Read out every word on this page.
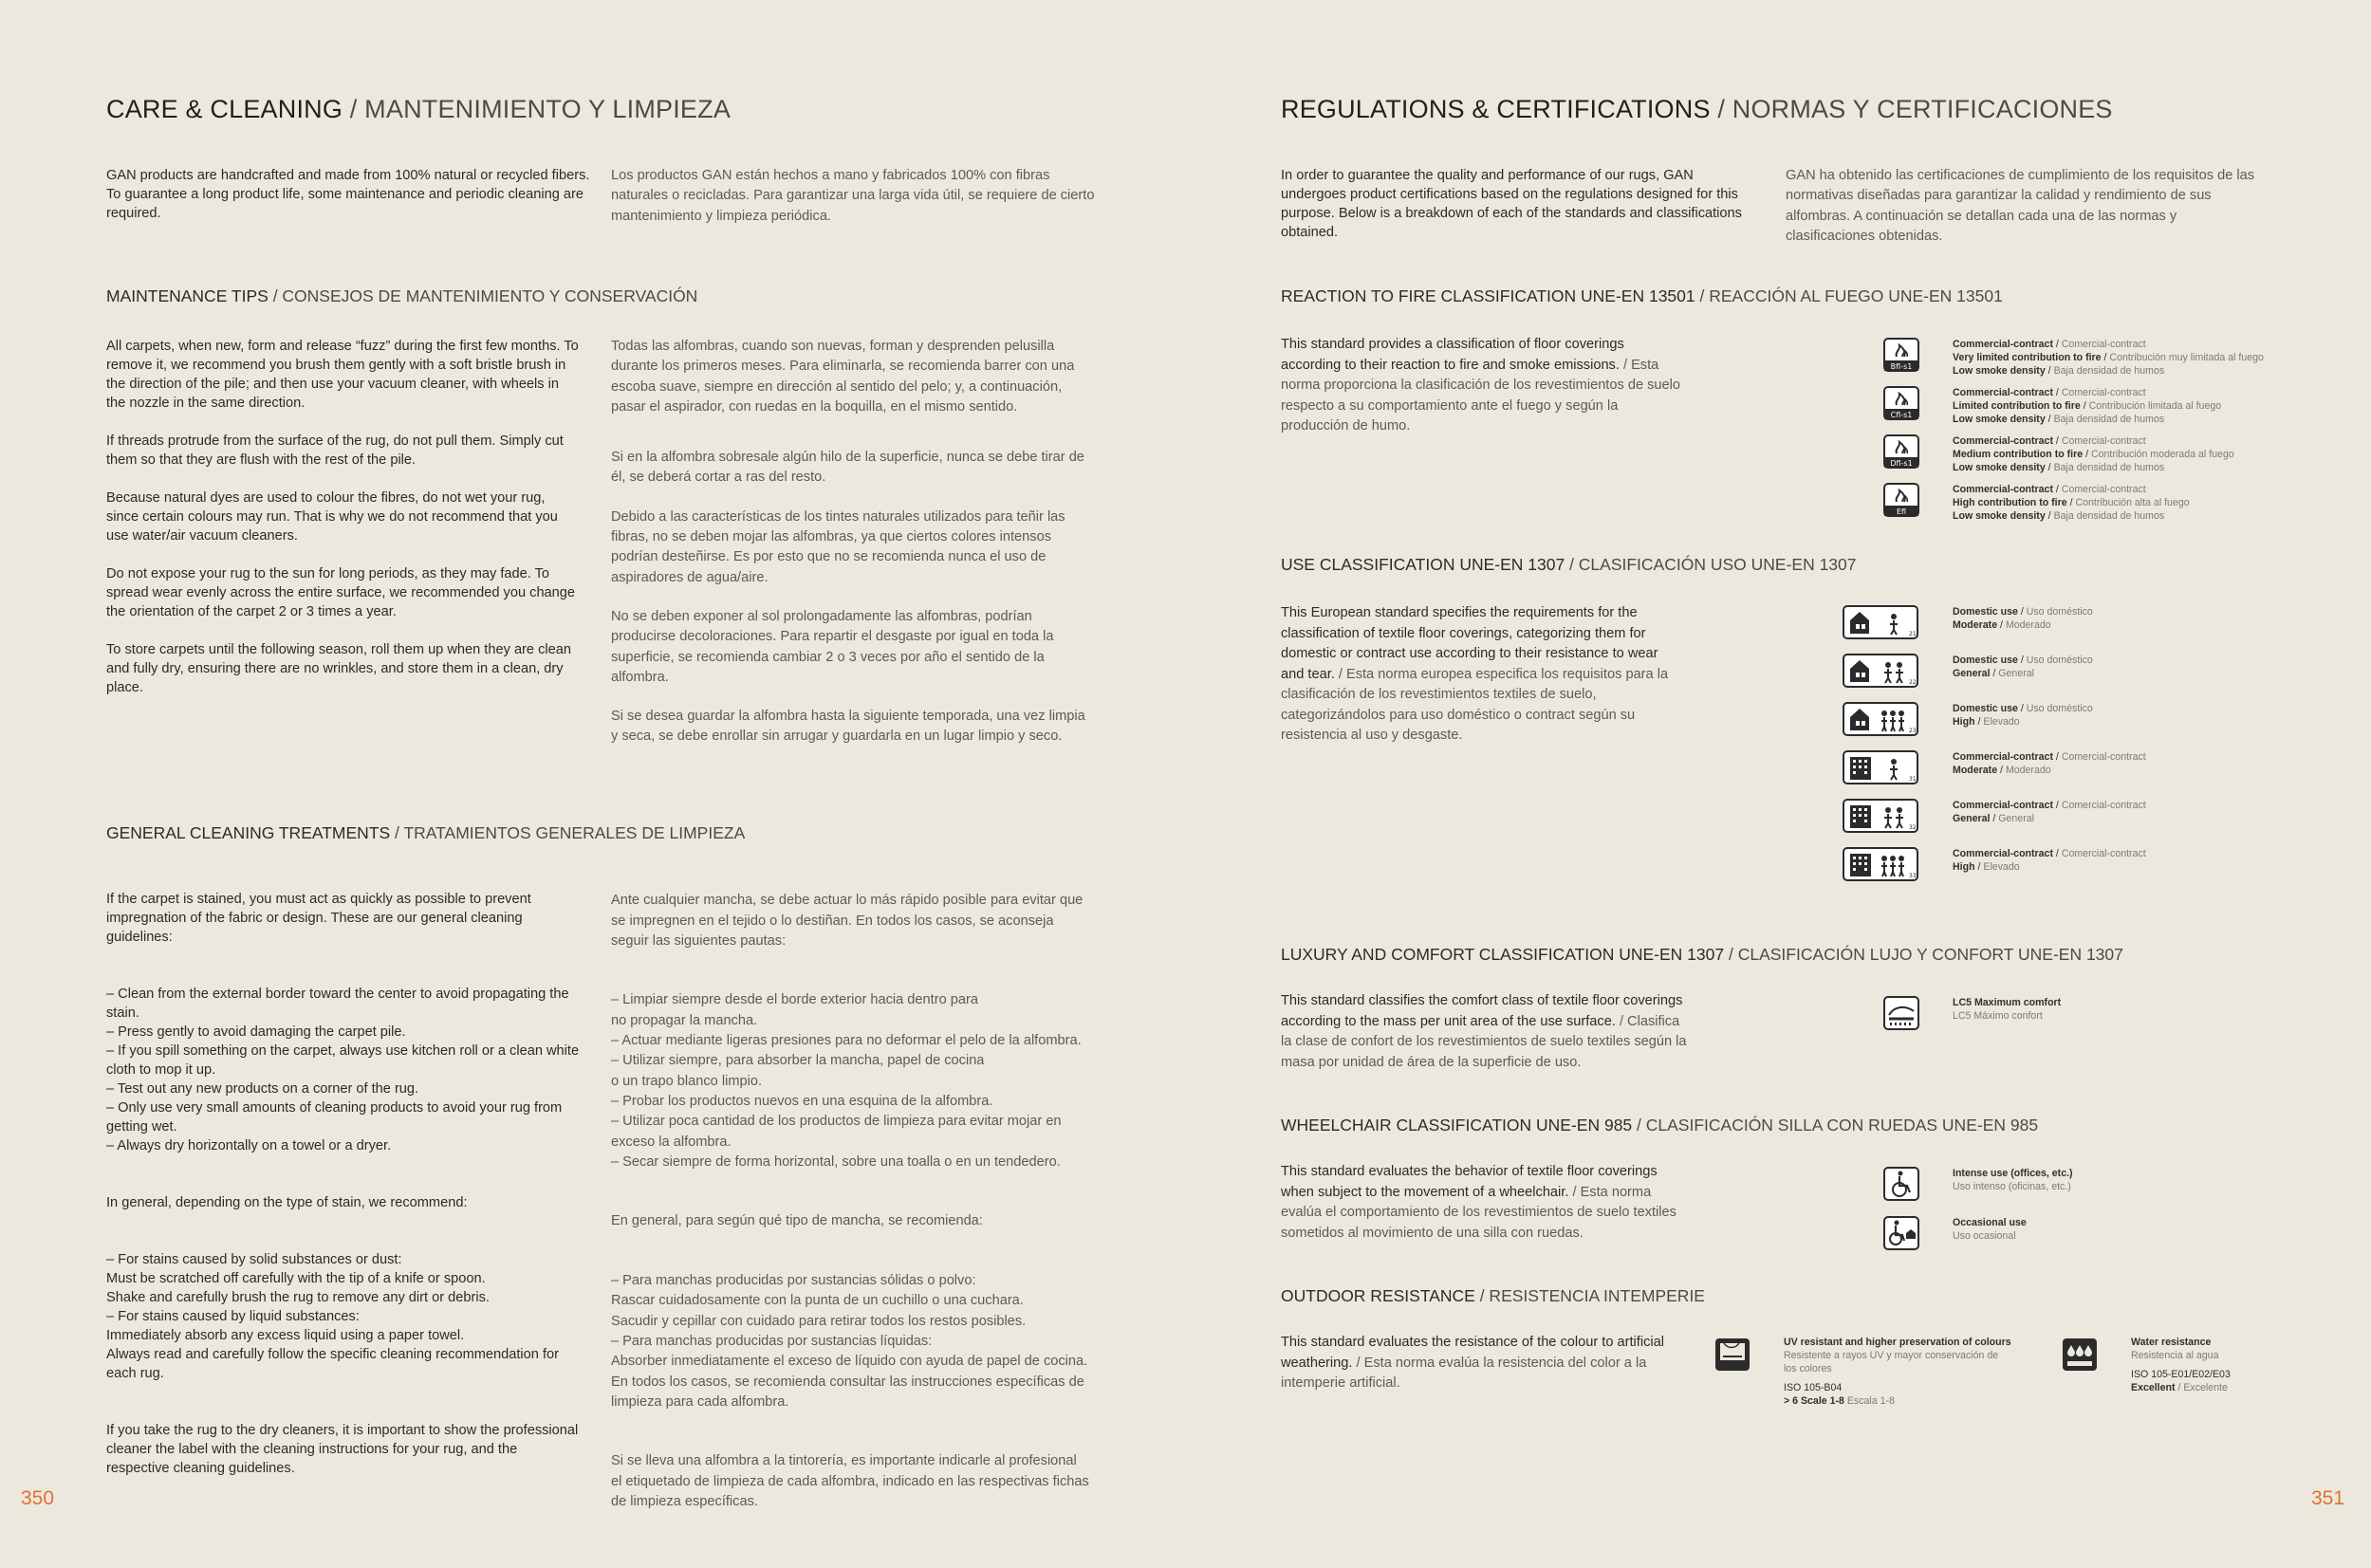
CARE & CLEANING / MANTENIMIENTO Y LIMPIEZA
GAN products are handcrafted and made from 100% natural or recycled fibers. To guarantee a long product life, some maintenance and periodic cleaning are required.
Los productos GAN están hechos a mano y fabricados 100% con fibras naturales o recicladas. Para garantizar una larga vida útil, se requiere de cierto mantenimiento y limpieza periódica.
MAINTENANCE TIPS / CONSEJOS DE MANTENIMIENTO Y CONSERVACIÓN
All carpets, when new, form and release “fuzz” during the first few months. To remove it, we recommend you brush them gently with a soft bristle brush in the direction of the pile; and then use your vacuum cleaner, with wheels in the nozzle in the same direction.
If threads protrude from the surface of the rug, do not pull them. Simply cut them so that they are flush with the rest of the pile.
Because natural dyes are used to colour the fibres, do not wet your rug, since certain colours may run. That is why we do not recommend that you use water/air vacuum cleaners.
Do not expose your rug to the sun for long periods, as they may fade. To spread wear evenly across the entire surface, we recommended you change the orientation of the carpet 2 or 3 times a year.
To store carpets until the following season, roll them up when they are clean and fully dry, ensuring there are no wrinkles, and store them in a clean, dry place.
Todas las alfombras, cuando son nuevas, forman y desprenden pelusilla durante los primeros meses. Para eliminarla, se recomienda barrer con una escoba suave, siempre en dirección al sentido del pelo; y, a continuación, pasar el aspirador, con ruedas en la boquilla, en el mismo sentido.
Si en la alfombra sobresale algún hilo de la superficie, nunca se debe tirar de él, se deberá cortar a ras del resto.
Debido a las características de los tintes naturales utilizados para teñir las fibras, no se deben mojar las alfombras, ya que ciertos colores intensos podrían desteñirse. Es por esto que no se recomienda nunca el uso de aspiradores de agua/aire.
No se deben exponer al sol prolongadamente las alfombras, podrían producirse decoloraciones. Para repartir el desgaste por igual en toda la superficie, se recomienda cambiar 2 o 3 veces por año el sentido de la alfombra.
Si se desea guardar la alfombra hasta la siguiente temporada, una vez limpia y seca, se debe enrollar sin arrugar y guardarla en un lugar limpio y seco.
GENERAL CLEANING TREATMENTS / TRATAMIENTOS GENERALES DE LIMPIEZA

If the carpet is stained, you must act as quickly as possible to prevent impregnation of the fabric or design. These are our general cleaning guidelines:

– Clean from the external border toward the center to avoid propagating the stain.
– Press gently to avoid damaging the carpet pile.
– If you spill something on the carpet, always use kitchen roll or a clean white cloth to mop it up.
– Test out any new products on a corner of the rug.
– Only use very small amounts of cleaning products to avoid your rug from getting wet.
– Always dry horizontally on a towel or a dryer.

In general, depending on the type of stain, we recommend:

– For stains caused by solid substances or dust:
Must be scratched off carefully with the tip of a knife or spoon.
Shake and carefully brush the rug to remove any dirt or debris.
– For stains caused by liquid substances:
Immediately absorb any excess liquid using a paper towel.
Always read and carefully follow the specific cleaning recommendation for each rug.

If you take the rug to the dry cleaners, it is important to show the professional cleaner the label with the cleaning instructions for your rug, and the respective cleaning guidelines.

Ante cualquier mancha, se debe actuar lo más rápido posible para evitar que se impregnen en el tejido o lo destiñan. En todos los casos, se aconseja seguir las siguientes pautas:

– Limpiar siempre desde el borde exterior hacia dentro para
no propagar la mancha.
– Actuar mediante ligeras presiones para no deformar el pelo de la alfombra.
– Utilizar siempre, para absorber la mancha, papel de cocina
o un trapo blanco limpio.
– Probar los productos nuevos en una esquina de la alfombra.
– Utilizar poca cantidad de los productos de limpieza para evitar mojar en exceso la alfombra.
– Secar siempre de forma horizontal, sobre una toalla o en un tendedero.

En general, para según qué tipo de mancha, se recomienda:

– Para manchas producidas por sustancias sólidas o polvo:
Rascar cuidadosamente con la punta de un cuchillo o una cuchara.
Sacudir y cepillar con cuidado para retirar todos los restos posibles.
– Para manchas producidas por sustancias líquidas:
Absorber inmediatamente el exceso de líquido con ayuda de papel de cocina.
En todos los casos, se recomienda consultar las instrucciones específicas de limpieza para cada alfombra.

Si se lleva una alfombra a la tintorería, es importante indicarle al profesional el etiquetado de limpieza de cada alfombra, indicado en las respectivas fichas de limpieza específicas.

350
REGULATIONS & CERTIFICATIONS / NORMAS Y CERTIFICACIONES
In order to guarantee the quality and performance of our rugs, GAN undergoes product certifications based on the regulations designed for this purpose. Below is a breakdown of each of the standards and classifications obtained.
GAN ha obtenido las certificaciones de cumplimiento de los requisitos de las normativas diseñadas para garantizar la calidad y rendimiento de sus alfombras. A continuación se detallan cada una de las normas y clasificaciones obtenidas.
REACTION TO FIRE CLASSIFICATION UNE-EN 13501 / REACCIÓN AL FUEGO UNE-EN 13501
This standard provides a classification of floor coverings according to their reaction to fire and smoke emissions. / Esta norma proporciona la clasificación de los revestimientos de suelo respecto a su comportamiento ante el fuego y según la producción de humo.
Bfl-s1
Commercial-contract / Comercial-contract
Very limited contribution to fire / Contribución muy limitada al fuego
Low smoke density / Baja densidad de humos
Cfl-s1
Commercial-contract / Comercial-contract
Limited contribution to fire / Contribución limitada al fuego
Low smoke density / Baja densidad de humos
Dfl-s1
Commercial-contract / Comercial-contract
Medium contribution to fire / Contribución moderada al fuego
Low smoke density / Baja densidad de humos
Efl
Commercial-contract / Comercial-contract
High contribution to fire / Contribución alta al fuego
Low smoke density / Baja densidad de humos
USE CLASSIFICATION UNE-EN 1307 / CLASIFICACIÓN USO UNE-EN 1307
This European standard specifies the requirements for the classification of textile floor coverings, categorizing them for domestic or contract use according to their resistance to wear and tear. / Esta norma europea especifica los requisitos para la clasificación de los revestimientos textiles de suelo, categorizándolos para uso doméstico o contract según su resistencia al uso y desgaste.
21
22
23
31
32
33
Domestic use / Uso doméstico
Moderate / Moderado
Domestic use / Uso doméstico
General / General
Domestic use / Uso doméstico
High / Elevado
Commercial-contract / Comercial-contract
Moderate / Moderado
Commercial-contract / Comercial-contract
General / General
Commercial-contract / Comercial-contract
High / Elevado
LUXURY AND COMFORT CLASSIFICATION UNE-EN 1307 / CLASIFICACIÓN LUJO Y CONFORT UNE-EN 1307
This standard classifies the comfort class of textile floor coverings according to the mass per unit area of the use surface. / Clasifica la clase de confort de los revestimientos de suelo textiles según la masa por unidad de área de la superficie de uso.
LC5 Maximum comfort
LC5 Máximo confort
WHEELCHAIR CLASSIFICATION UNE-EN 985 / CLASIFICACIÓN SILLA CON RUEDAS UNE-EN 985
This standard evaluates the behavior of textile floor coverings when subject to the movement of a wheelchair. / Esta norma evalúa el comportamiento de los revestimientos de suelo textiles sometidos al movimiento de una silla con ruedas.
Intense use (offices, etc.)
Uso intenso (oficinas, etc.)
Occasional use
Uso ocasional
OUTDOOR RESISTANCE / RESISTENCIA INTEMPERIE
This standard evaluates the resistance of the colour to artificial weathering. / Esta norma evalúa la resistencia del color a la intemperie artificial.
UV resistant and higher preservation of colours
Resistente a rayos UV y mayor conservación de los colores
ISO 105-B04
> 6 Scale 1-8 Escala 1-8
Water resistance
Resistencia al agua
ISO 105-E01/E02/E03
Excellent / Excelente
351
